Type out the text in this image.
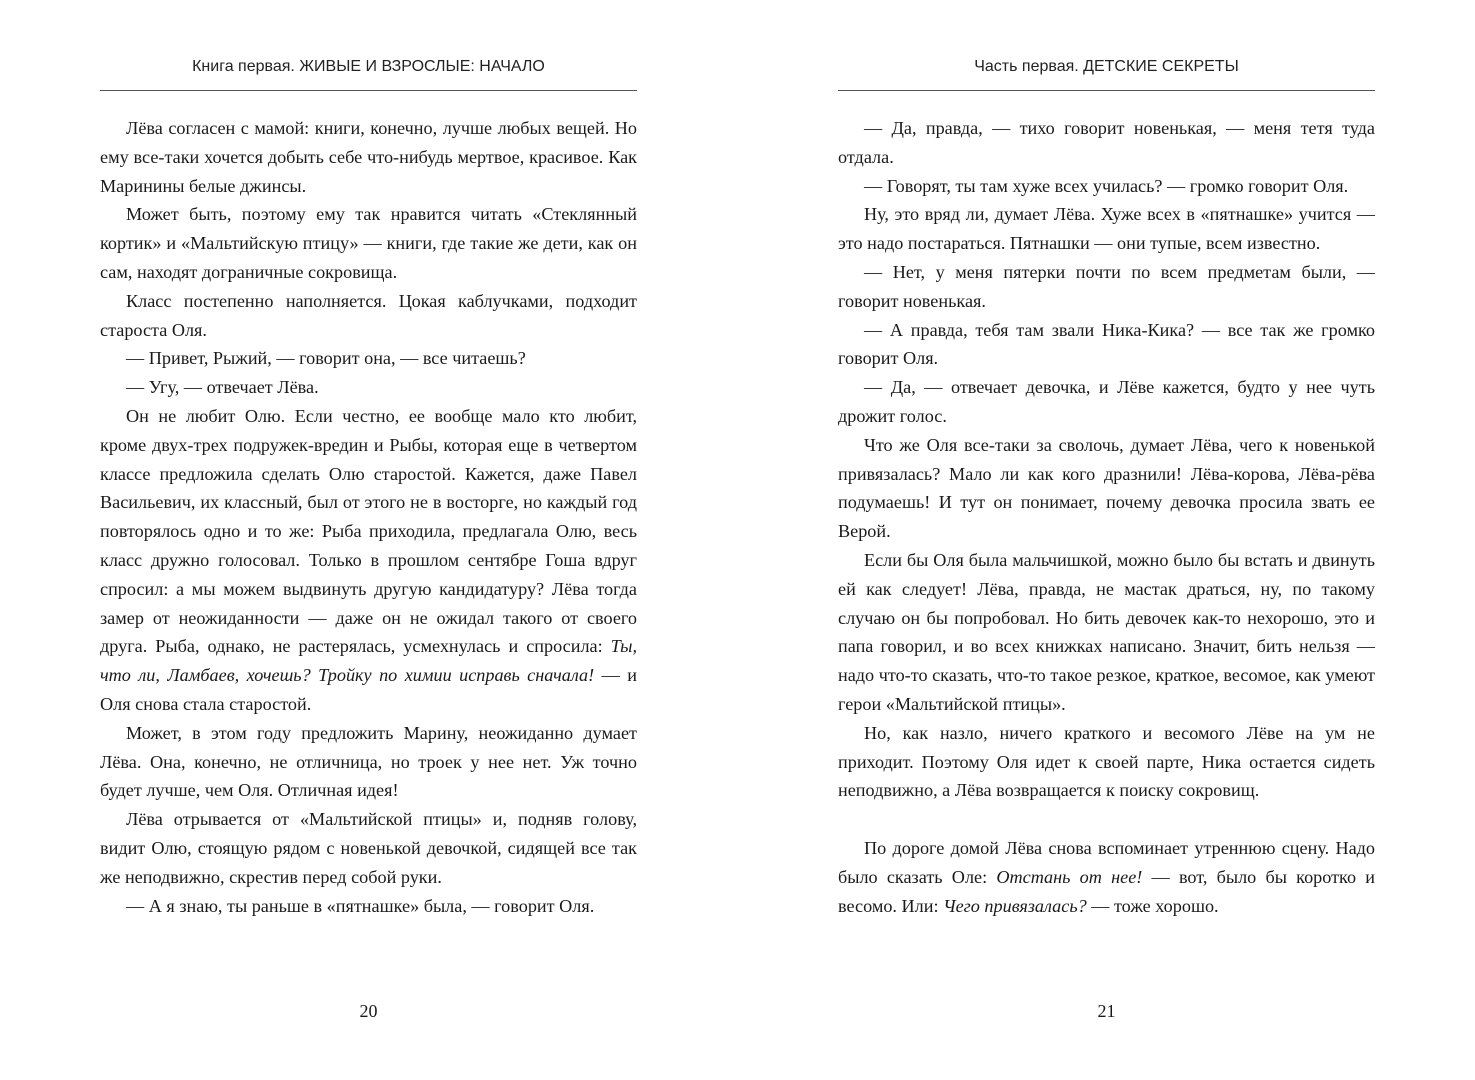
Книга первая. ЖИВЫЕ И ВЗРОСЛЫЕ: НАЧАЛО

Лёва согласен с мамой: книги, конечно, лучше любых вещей. Но ему все-таки хочется добыть себе что-нибудь мертвое, красивое. Как Маринины белые джинсы.

Может быть, поэтому ему так нравится читать «Стеклянный кортик» и «Мальтийскую птицу» — книги, где такие же дети, как он сам, находят дограничные сокровища.

Класс постепенно наполняется. Цокая каблучками, подходит староста Оля.

— Привет, Рыжий, — говорит она, — все читаешь?

— Угу, — отвечает Лёва.

Он не любит Олю. Если честно, ее вообще мало кто любит, кроме двух-трех подружек-вредин и Рыбы, которая еще в четвертом классе предложила сделать Олю старостой. Кажется, даже Павел Васильевич, их классный, был от этого не в восторге, но каждый год повторялось одно и то же: Рыба приходила, предлагала Олю, весь класс дружно голосовал. Только в прошлом сентябре Гоша вдруг спросил: а мы можем выдвинуть другую кандидатуру? Лёва тогда замер от неожиданности — даже он не ожидал такого от своего друга. Рыба, однако, не растерялась, усмехнулась и спросила: Ты, что ли, Ламбаев, хочешь? Тройку по химии исправь сначала! — и Оля снова стала старостой.

Может, в этом году предложить Марину, неожиданно думает Лёва. Она, конечно, не отличница, но троек у нее нет. Уж точно будет лучше, чем Оля. Отличная идея!

Лёва отрывается от «Мальтийской птицы» и, подняв голову, видит Олю, стоящую рядом с новенькой девочкой, сидящей все так же неподвижно, скрестив перед собой руки.

— А я знаю, ты раньше в «пятнашке» была, — говорит Оля.

20
Часть первая. ДЕТСКИЕ СЕКРЕТЫ

— Да, правда, — тихо говорит новенькая, — меня тетя туда отдала.

— Говорят, ты там хуже всех училась? — громко говорит Оля.

Ну, это вряд ли, думает Лёва. Хуже всех в «пятнашке» учится — это надо постараться. Пятнашки — они тупые, всем известно.

— Нет, у меня пятерки почти по всем предметам были, — говорит новенькая.

— А правда, тебя там звали Ника-Кика? — все так же громко говорит Оля.

— Да, — отвечает девочка, и Лёве кажется, будто у нее чуть дрожит голос.

Что же Оля все-таки за сволочь, думает Лёва, чего к новенькой привязалась? Мало ли как кого дразнили! Лёва-корова, Лёва-рёва подумаешь! И тут он понимает, почему девочка просила звать ее Верой.

Если бы Оля была мальчишкой, можно было бы встать и двинуть ей как следует! Лёва, правда, не мастак драться, ну, по такому случаю он бы попробовал. Но бить девочек как-то нехорошо, это и папа говорил, и во всех книжках написано. Значит, бить нельзя — надо что-то сказать, что-то такое резкое, краткое, весомое, как умеют герои «Мальтийской птицы».

Но, как назло, ничего краткого и весомого Лёве на ум не приходит. Поэтому Оля идет к своей парте, Ника остается сидеть неподвижно, а Лёва возвращается к поиску сокровищ.

По дороге домой Лёва снова вспоминает утреннюю сцену. Надо было сказать Оле: Отстань от нее! — вот, было бы коротко и весомо. Или: Чего привязалась? — тоже хорошо.

21
